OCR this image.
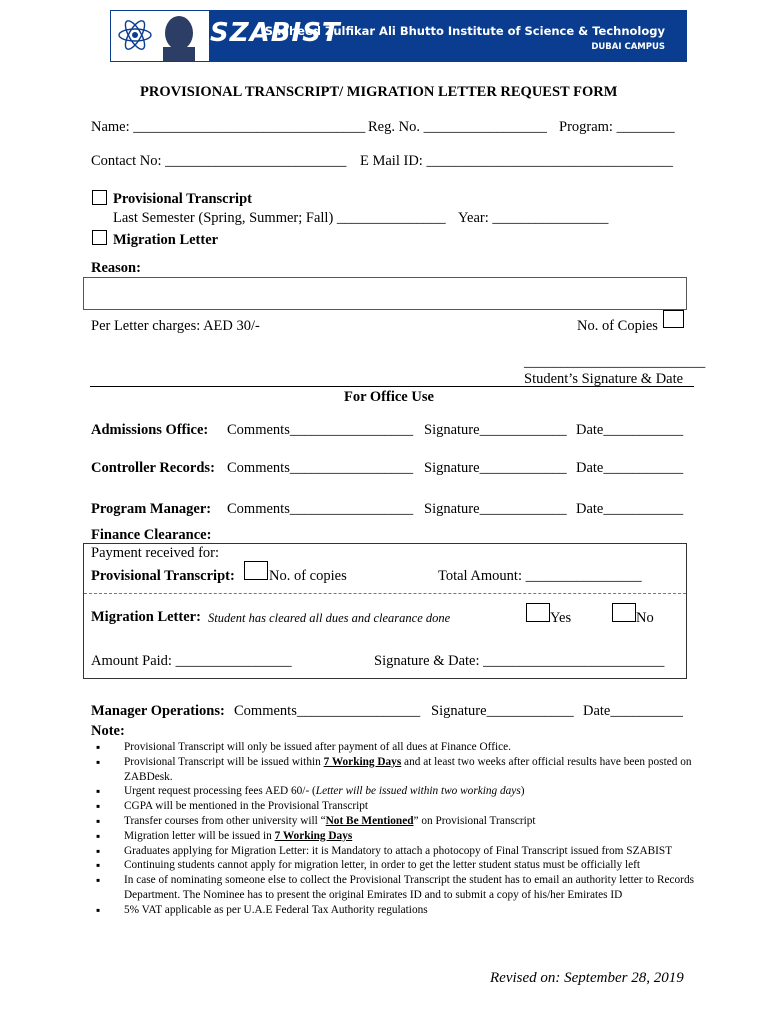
SZABIST
Shaheed Zulfikar Ali Bhutto Institute of Science & Technology
DUBAI CAMPUS
PROVISIONAL TRANSCRIPT/ MIGRATION LETTER REQUEST FORM
Name: ________________________________ Reg. No. _________________ Program: ________
Contact No: _________________________ E Mail ID: __________________________________
Provisional Transcript
Last Semester (Spring, Summer; Fall) _______________ Year: ________________
Migration Letter
Reason:
Per Letter charges: AED 30/-	No. of Copies
_________________________
Student’s Signature & Date
For Office Use
Admissions Office: Comments_________________ Signature____________ Date___________
Controller Records: Comments_________________ Signature____________ Date___________
Program Manager: Comments_________________ Signature____________ Date___________
Finance Clearance:
Payment received for:
Provisional Transcript: No. of copies	Total Amount: ________________
Migration Letter: Student has cleared all dues and clearance done	Yes	No
Amount Paid: ________________	Signature & Date: _________________________
Manager Operations: Comments_________________ Signature____________ Date__________
Note:
▪ Provisional Transcript will only be issued after payment of all dues at Finance Office.
▪ Provisional Transcript will be issued within 7 Working Days and at least two weeks after official results have been posted on ZABDesk.
▪ Urgent request processing fees AED 60/- (Letter will be issued within two working days)
▪ CGPA will be mentioned in the Provisional Transcript
▪ Transfer courses from other university will “Not Be Mentioned” on Provisional Transcript
▪ Migration letter will be issued in 7 Working Days
▪ Graduates applying for Migration Letter: it is Mandatory to attach a photocopy of Final Transcript issued from SZABIST
▪ Continuing students cannot apply for migration letter, in order to get the letter student status must be officially left
▪ In case of nominating someone else to collect the Provisional Transcript the student has to email an authority letter to Records Department. The Nominee has to present the original Emirates ID and to submit a copy of his/her Emirates ID
▪ 5% VAT applicable as per U.A.E Federal Tax Authority regulations
Revised on: September 28, 2019
